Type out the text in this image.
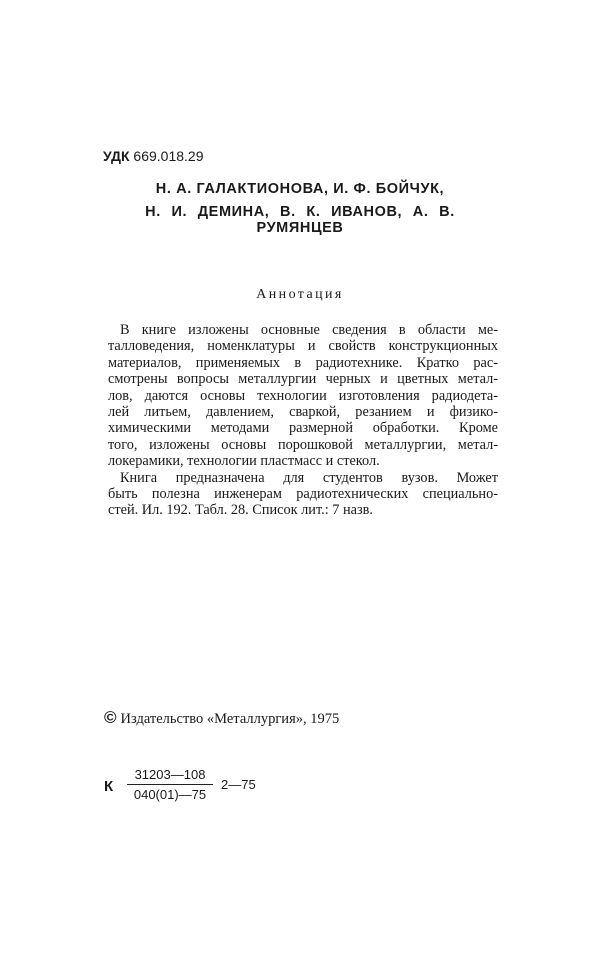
УДК 669.018.29
Н. А. ГАЛАКТИОНОВА, И. Ф. БОЙЧУК,
Н. И. ДЕМИНА, В. К. ИВАНОВ, А. В. РУМЯНЦЕВ
Аннотация
В книге изложены основные сведения в области ме-
талловедения, номенклатуры и свойств конструкционных
материалов, применяемых в радиотехнике. Кратко рас-
смотрены вопросы металлургии черных и цветных метал-
лов, даются основы технологии изготовления радиодета-
лей литьем, давлением, сваркой, резанием и физико-
химическими методами размерной обработки. Кроме
того, изложены основы порошковой металлургии, метал-
локерамики, технологии пластмасс и стекол.
Книга предназначена для студентов вузов. Может
быть полезна инженерам радиотехнических специально-
стей. Ил. 192. Табл. 28. Список лит.: 7 назв.
© Издательство «Металлургия», 1975
К $\frac{31203—108}{040(01)—75}$ 2—75
